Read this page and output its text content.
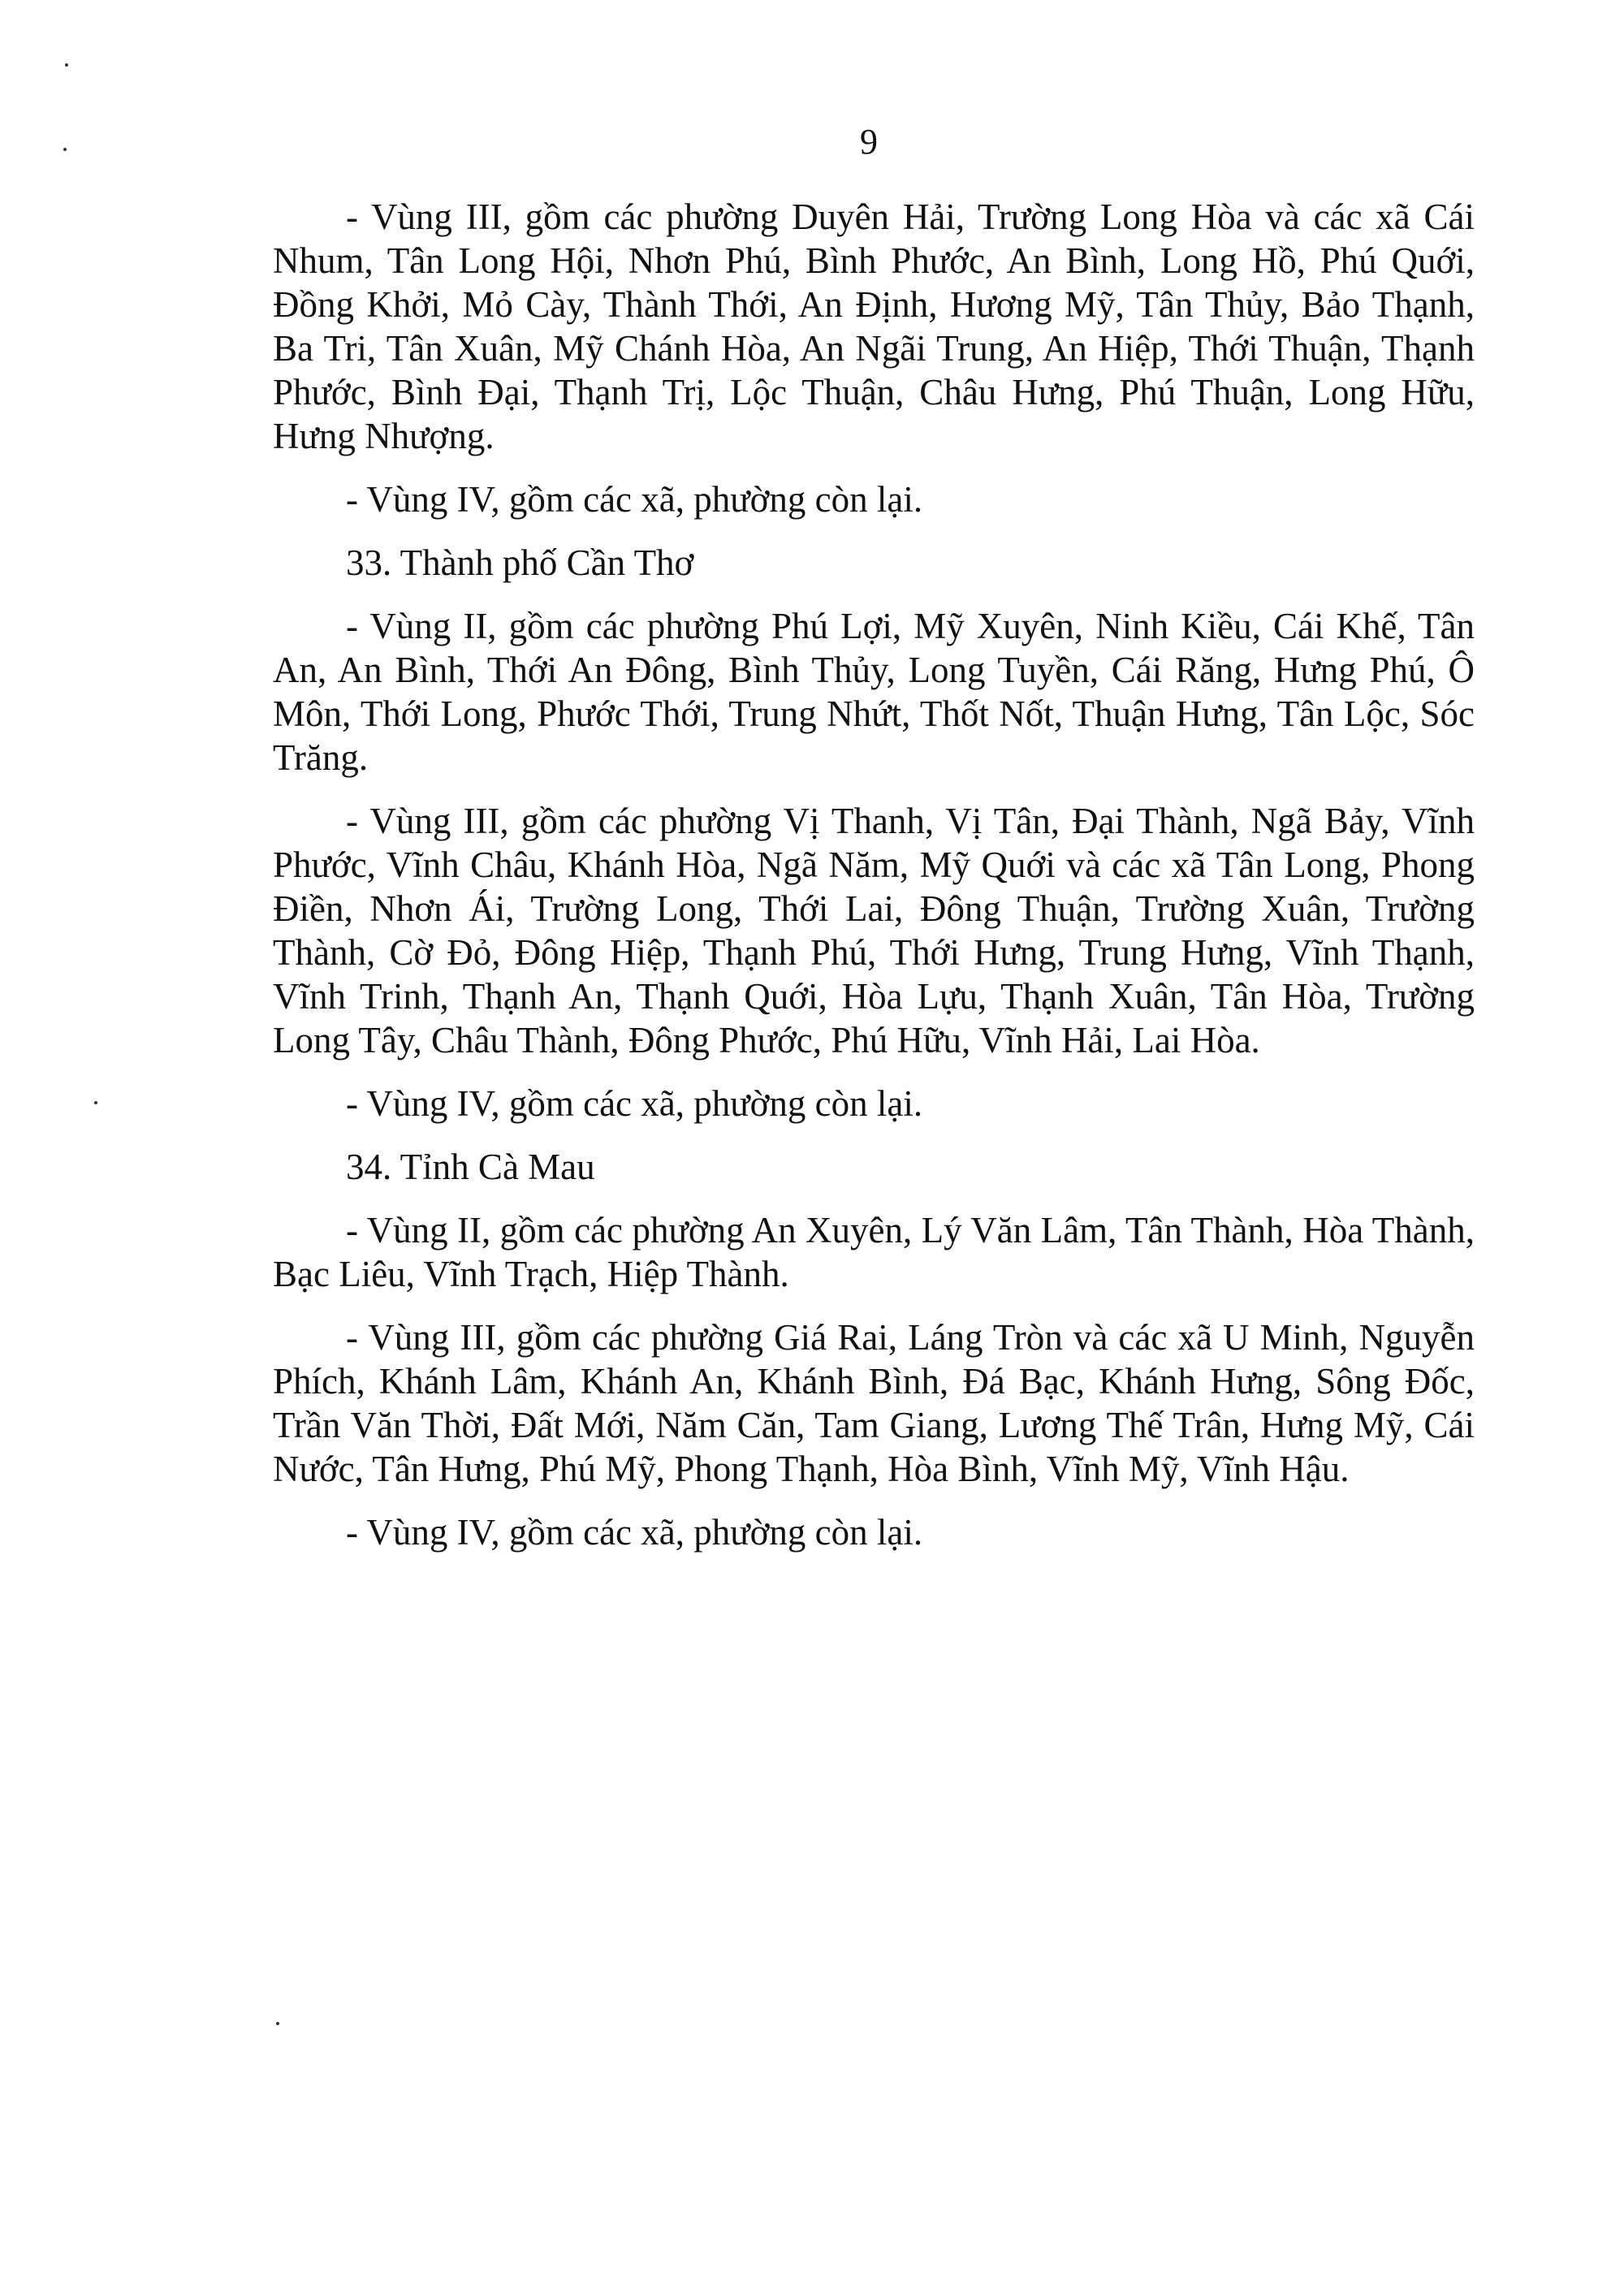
9

- Vùng III, gồm các phường Duyên Hải, Trường Long Hòa và các xã Cái Nhum, Tân Long Hội, Nhơn Phú, Bình Phước, An Bình, Long Hồ, Phú Quới, Đồng Khởi, Mỏ Cày, Thành Thới, An Định, Hương Mỹ, Tân Thủy, Bảo Thạnh, Ba Tri, Tân Xuân, Mỹ Chánh Hòa, An Ngãi Trung, An Hiệp, Thới Thuận, Thạnh Phước, Bình Đại, Thạnh Trị, Lộc Thuận, Châu Hưng, Phú Thuận, Long Hữu, Hưng Nhượng.

- Vùng IV, gồm các xã, phường còn lại.

33. Thành phố Cần Thơ

- Vùng II, gồm các phường Phú Lợi, Mỹ Xuyên, Ninh Kiều, Cái Khế, Tân An, An Bình, Thới An Đông, Bình Thủy, Long Tuyền, Cái Răng, Hưng Phú, Ô Môn, Thới Long, Phước Thới, Trung Nhứt, Thốt Nốt, Thuận Hưng, Tân Lộc, Sóc Trăng.

- Vùng III, gồm các phường Vị Thanh, Vị Tân, Đại Thành, Ngã Bảy, Vĩnh Phước, Vĩnh Châu, Khánh Hòa, Ngã Năm, Mỹ Quới và các xã Tân Long, Phong Điền, Nhơn Ái, Trường Long, Thới Lai, Đông Thuận, Trường Xuân, Trường Thành, Cờ Đỏ, Đông Hiệp, Thạnh Phú, Thới Hưng, Trung Hưng, Vĩnh Thạnh, Vĩnh Trinh, Thạnh An, Thạnh Quới, Hòa Lựu, Thạnh Xuân, Tân Hòa, Trường Long Tây, Châu Thành, Đông Phước, Phú Hữu, Vĩnh Hải, Lai Hòa.

- Vùng IV, gồm các xã, phường còn lại.

34. Tỉnh Cà Mau

- Vùng II, gồm các phường An Xuyên, Lý Văn Lâm, Tân Thành, Hòa Thành, Bạc Liêu, Vĩnh Trạch, Hiệp Thành.

- Vùng III, gồm các phường Giá Rai, Láng Tròn và các xã U Minh, Nguyễn Phích, Khánh Lâm, Khánh An, Khánh Bình, Đá Bạc, Khánh Hưng, Sông Đốc, Trần Văn Thời, Đất Mới, Năm Căn, Tam Giang, Lương Thế Trân, Hưng Mỹ, Cái Nước, Tân Hưng, Phú Mỹ, Phong Thạnh, Hòa Bình, Vĩnh Mỹ, Vĩnh Hậu.

- Vùng IV, gồm các xã, phường còn lại.
